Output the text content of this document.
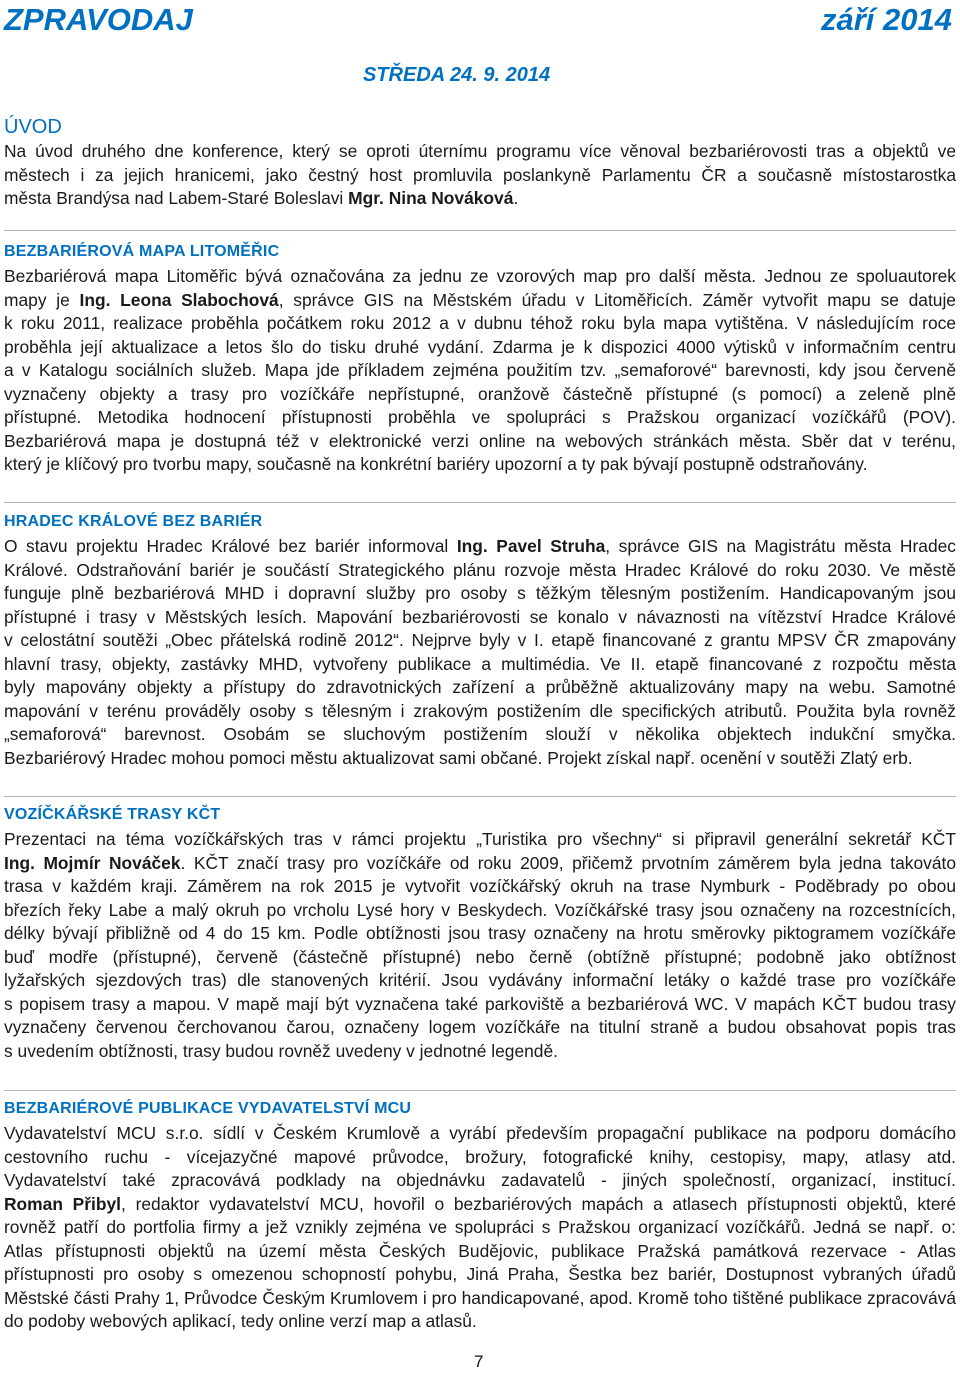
ZPRAVODAJ	září 2014
STŘEDA 24. 9. 2014
ÚVOD
Na úvod druhého dne konference, který se oproti úternímu programu více věnoval bezbariérovosti tras a objektů ve
městech i za jejich hranicemi, jako čestný host promluvila poslankyně Parlamentu ČR a současně místostarostka
města Brandýsa nad Labem-Staré Boleslavi Mgr. Nina Nováková.
BEZBARIÉROVÁ MAPA LITOMĚŘIC
Bezbariérová mapa Litoměřic bývá označována za jednu ze vzorových map pro další města. Jednou ze spoluautorek
mapy je Ing. Leona Slabochová, správce GIS na Městském úřadu v Litoměřicích. Záměr vytvořit mapu se datuje
k roku 2011, realizace proběhla počátkem roku 2012 a v dubnu téhož roku byla mapa vytištěna. V následujícím roce
proběhla její aktualizace a letos šlo do tisku druhé vydání. Zdarma je k dispozici 4000 výtisků v informačním centru
a v Katalogu sociálních služeb. Mapa jde příkladem zejména použitím tzv. „semaforové“ barevnosti, kdy jsou červeně
vyznačeny objekty a trasy pro vozíčkáře nepřístupné, oranžově částečně přístupné (s pomocí) a zeleně plně
přístupné. Metodika hodnocení přístupnosti proběhla ve spolupráci s Pražskou organizací vozíčkářů (POV).
Bezbariérová mapa je dostupná též v elektronické verzi online na webových stránkách města. Sběr dat v terénu,
který je klíčový pro tvorbu mapy, současně na konkrétní bariéry upozorní a ty pak bývají postupně odstraňovány.
HRADEC KRÁLOVÉ BEZ BARIÉR
O stavu projektu Hradec Králové bez bariér informoval Ing. Pavel Struha, správce GIS na Magistrátu města Hradec
Králové. Odstraňování bariér je součástí Strategického plánu rozvoje města Hradec Králové do roku 2030. Ve městě
funguje plně bezbariérová MHD i dopravní služby pro osoby s těžkým tělesným postižením. Handicapovaným jsou
přístupné i trasy v Městských lesích. Mapování bezbariérovosti se konalo v návaznosti na vítězství Hradce Králové
v celostátní soutěži „Obec přátelská rodině 2012“. Nejprve byly v I. etapě financované z grantu MPSV ČR zmapovány
hlavní trasy, objekty, zastávky MHD, vytvořeny publikace a multimédia. Ve II. etapě financované z rozpočtu města
byly mapovány objekty a přístupy do zdravotnických zařízení a průběžně aktualizovány mapy na webu. Samotné
mapování v terénu prováděly osoby s tělesným i zrakovým postižením dle specifických atributů. Použita byla rovněž
„semaforová“ barevnost. Osobám se sluchovým postižením slouží v několika objektech indukční smyčka.
Bezbariérový Hradec mohou pomoci městu aktualizovat sami občané. Projekt získal např. ocenění v soutěži Zlatý erb.
VOZÍČKÁŘSKÉ TRASY KČT
Prezentaci na téma vozíčkářských tras v rámci projektu „Turistika pro všechny“ si připravil generální sekretář KČT
Ing. Mojmír Nováček. KČT značí trasy pro vozíčkáře od roku 2009, přičemž prvotním záměrem byla jedna takováto
trasa v každém kraji. Záměrem na rok 2015 je vytvořit vozíčkářský okruh na trase Nymburk - Poděbrady po obou
březích řeky Labe a malý okruh po vrcholu Lysé hory v Beskydech. Vozíčkářské trasy jsou označeny na rozcestnících,
délky bývají přibližně od 4 do 15 km. Podle obtížnosti jsou trasy označeny na hrotu směrovky piktogramem vozíčkáře
buď modře (přístupné), červeně (částečně přístupné) nebo černě (obtížně přístupné; podobně jako obtížnost
lyžařských sjezdových tras) dle stanovených kritérií. Jsou vydávány informační letáky o každé trase pro vozíčkáře
s popisem trasy a mapou. V mapě mají být vyznačena také parkoviště a bezbariérová WC. V mapách KČT budou trasy
vyznačeny červenou čerchovanou čarou, označeny logem vozíčkáře na titulní straně a budou obsahovat popis tras
s uvedením obtížnosti, trasy budou rovněž uvedeny v jednotné legendě.
BEZBARIÉROVÉ PUBLIKACE VYDAVATELSTVÍ MCU
Vydavatelství MCU s.r.o. sídlí v Českém Krumlově a vyrábí především propagační publikace na podporu domácího
cestovního ruchu - vícejazyčné mapové průvodce, brožury, fotografické knihy, cestopisy, mapy, atlasy atd.
Vydavatelství také zpracovává podklady na objednávku zadavatelů - jiných společností, organizací, institucí.
Roman Přibyl, redaktor vydavatelství MCU, hovořil o bezbariérových mapách a atlasech přístupnosti objektů, které
rovněž patří do portfolia firmy a jež vznikly zejména ve spolupráci s Pražskou organizací vozíčkářů. Jedná se např. o:
Atlas přístupnosti objektů na území města Českých Budějovic, publikace Pražská památková rezervace - Atlas
přístupnosti pro osoby s omezenou schopností pohybu, Jiná Praha, Šestka bez bariér, Dostupnost vybraných úřadů
Městské části Prahy 1, Průvodce Českým Krumlovem i pro handicapované, apod. Kromě toho tištěné publikace zpracovává
do podoby webových aplikací, tedy online verzí map a atlasů.
7
